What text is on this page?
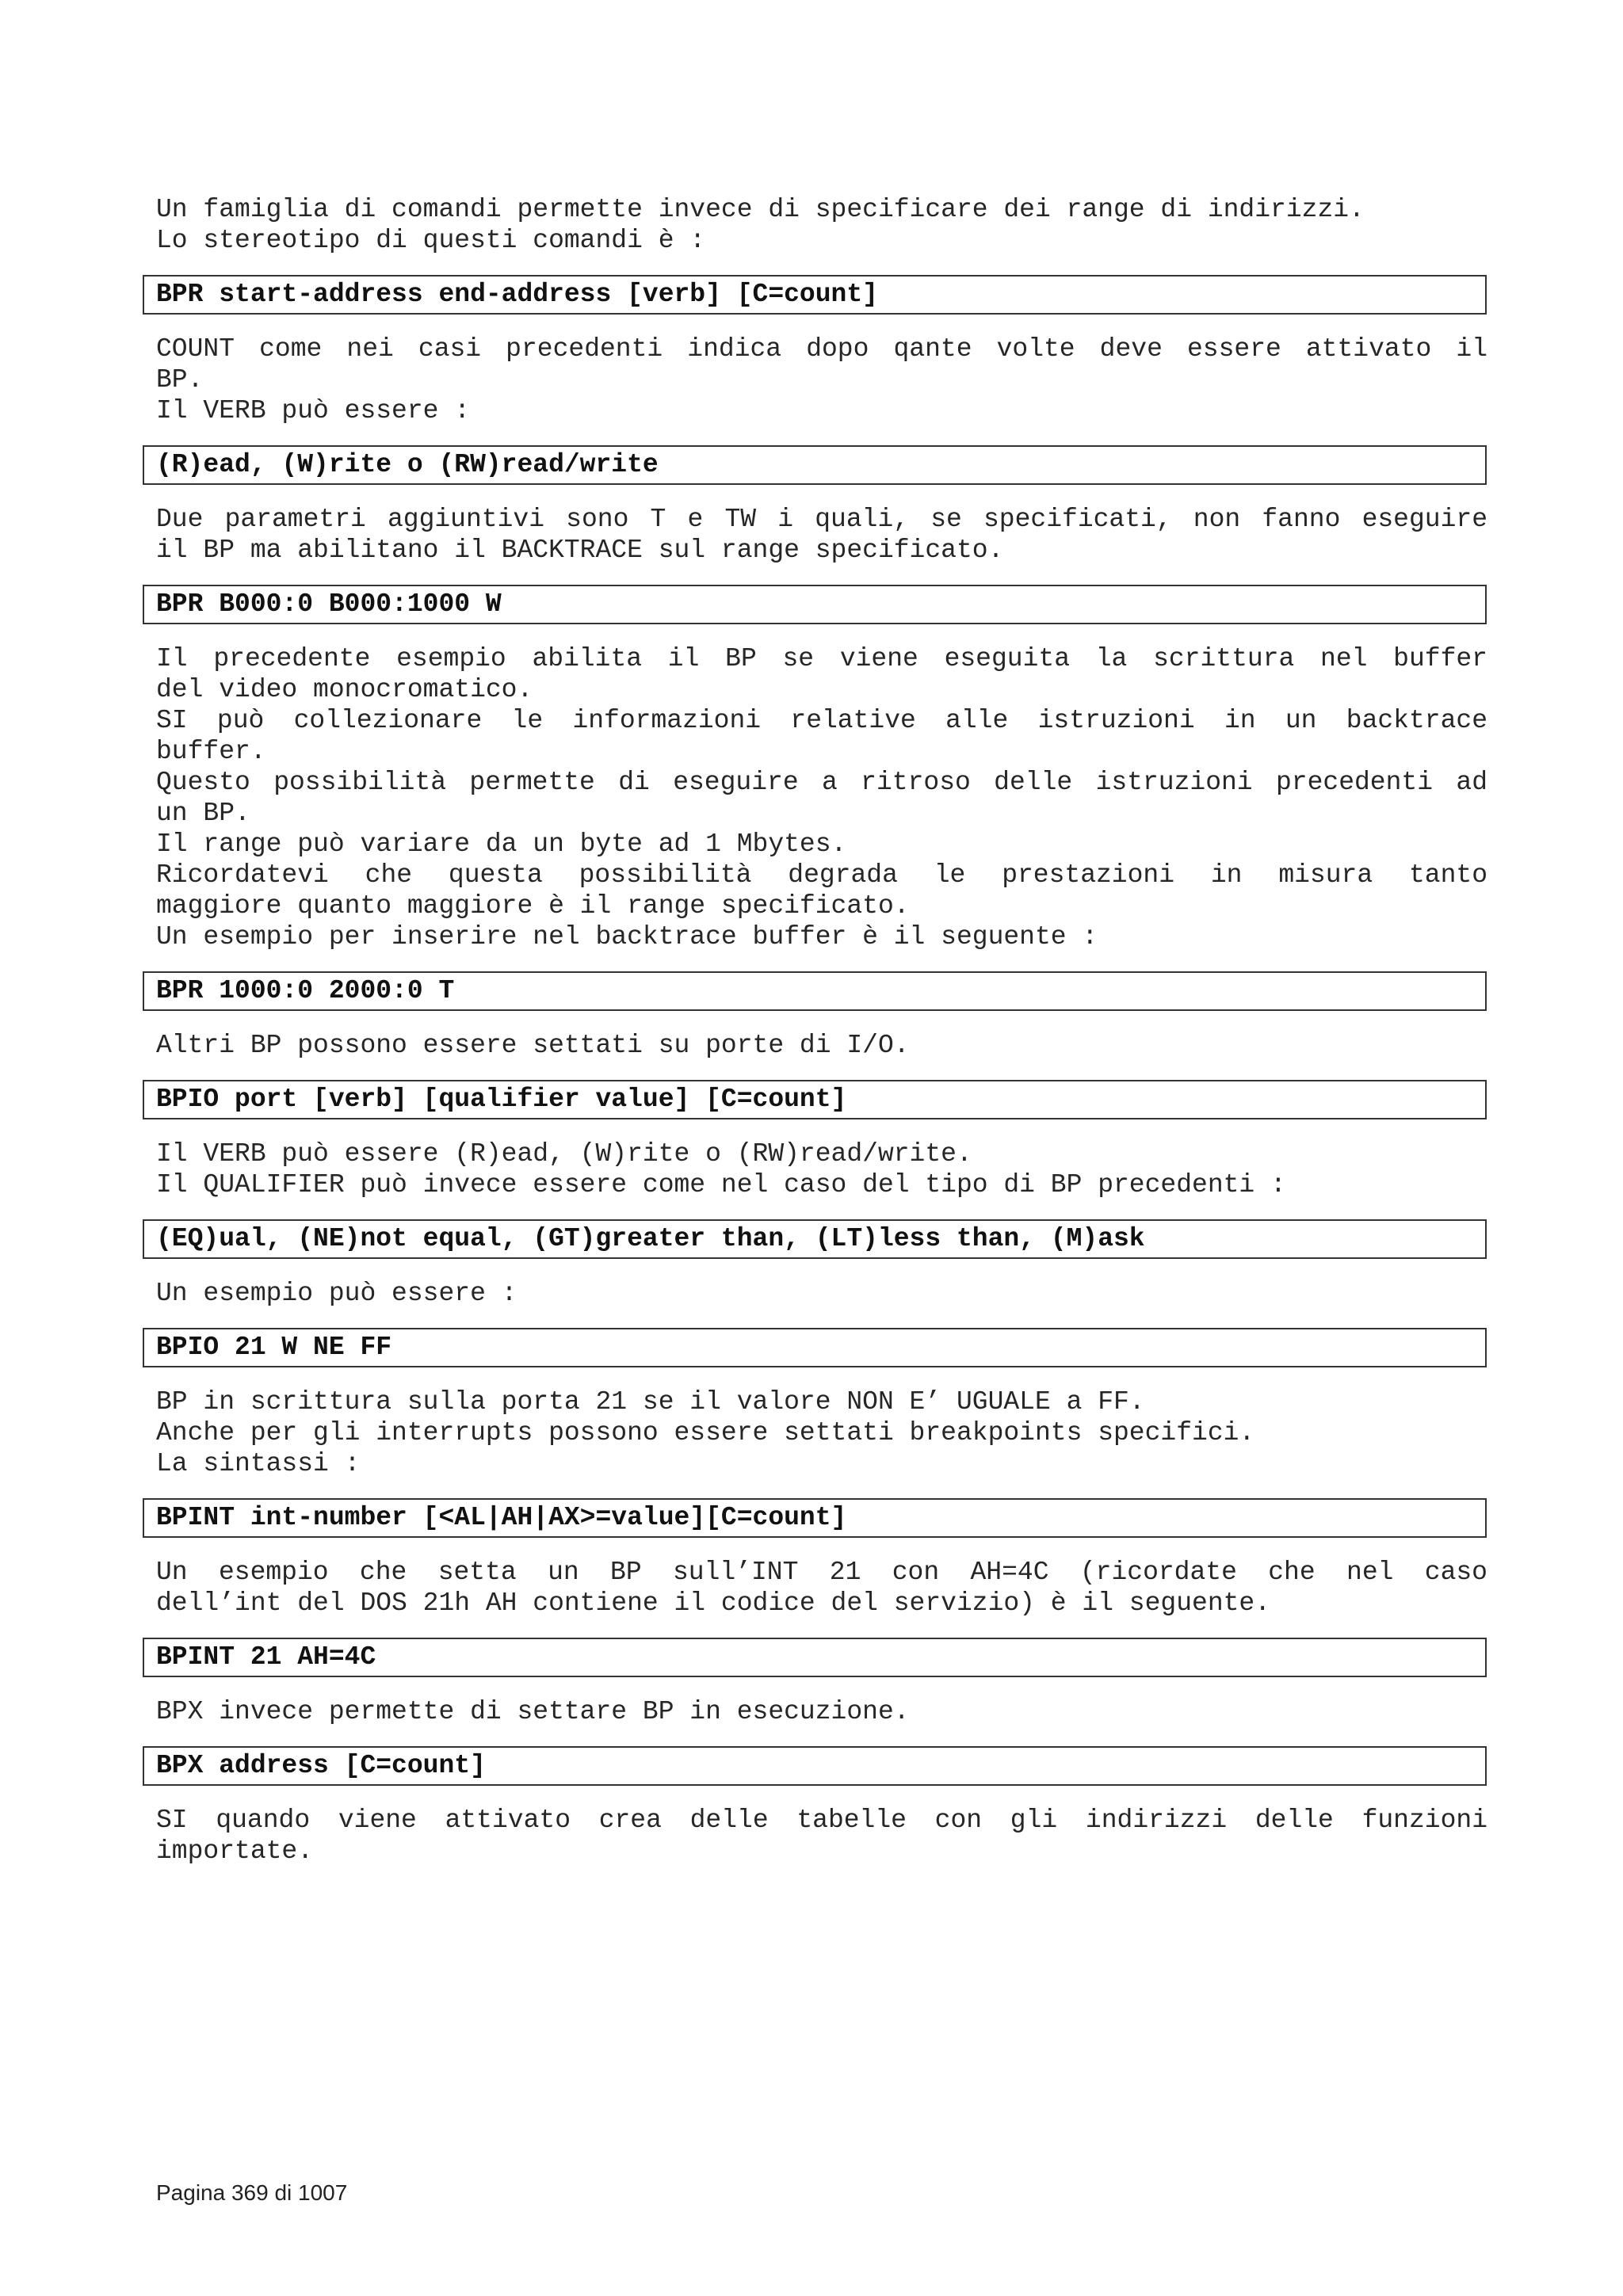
Un famiglia di comandi permette invece di specificare dei range di indirizzi.
Lo stereotipo di questi comandi è :
BPR start-address end-address [verb] [C=count]
COUNT come nei casi precedenti indica dopo qante volte deve essere attivato il
BP.
Il VERB può essere :
(R)ead, (W)rite o (RW)read/write
Due parametri aggiuntivi sono T e TW i quali, se specificati, non fanno eseguire
il BP ma abilitano il BACKTRACE sul range specificato.
BPR B000:0 B000:1000 W
Il precedente esempio abilita il BP se viene eseguita la scrittura nel buffer
del video monocromatico.
SI può collezionare le informazioni relative alle istruzioni in un backtrace
buffer.
Questo possibilità permette di eseguire a ritroso delle istruzioni precedenti ad
un BP.
Il range può variare da un byte ad 1 Mbytes.
Ricordatevi che questa possibilità degrada le prestazioni in misura tanto
maggiore quanto maggiore è il range specificato.
Un esempio per inserire nel backtrace buffer è il seguente :
BPR 1000:0 2000:0 T
Altri BP possono essere settati su porte di I/O.
BPIO port [verb] [qualifier value] [C=count]
Il VERB può essere (R)ead, (W)rite o (RW)read/write.
Il QUALIFIER può invece essere come nel caso del tipo di BP precedenti :
(EQ)ual, (NE)not equal, (GT)greater than, (LT)less than, (M)ask
Un esempio può essere :
BPIO 21 W NE FF
BP in scrittura sulla porta 21 se il valore NON E’ UGUALE a FF.
Anche per gli interrupts possono essere settati breakpoints specifici.
La sintassi :
BPINT int-number [<AL|AH|AX>=value][C=count]
Un esempio che setta un BP sull’INT 21 con AH=4C (ricordate che nel caso
dell’int del DOS 21h AH contiene il codice del servizio) è il seguente.
BPINT 21 AH=4C
BPX invece permette di settare BP in esecuzione.
BPX address [C=count]
SI quando viene attivato crea delle tabelle con gli indirizzi delle funzioni
importate.
Pagina 369 di 1007
